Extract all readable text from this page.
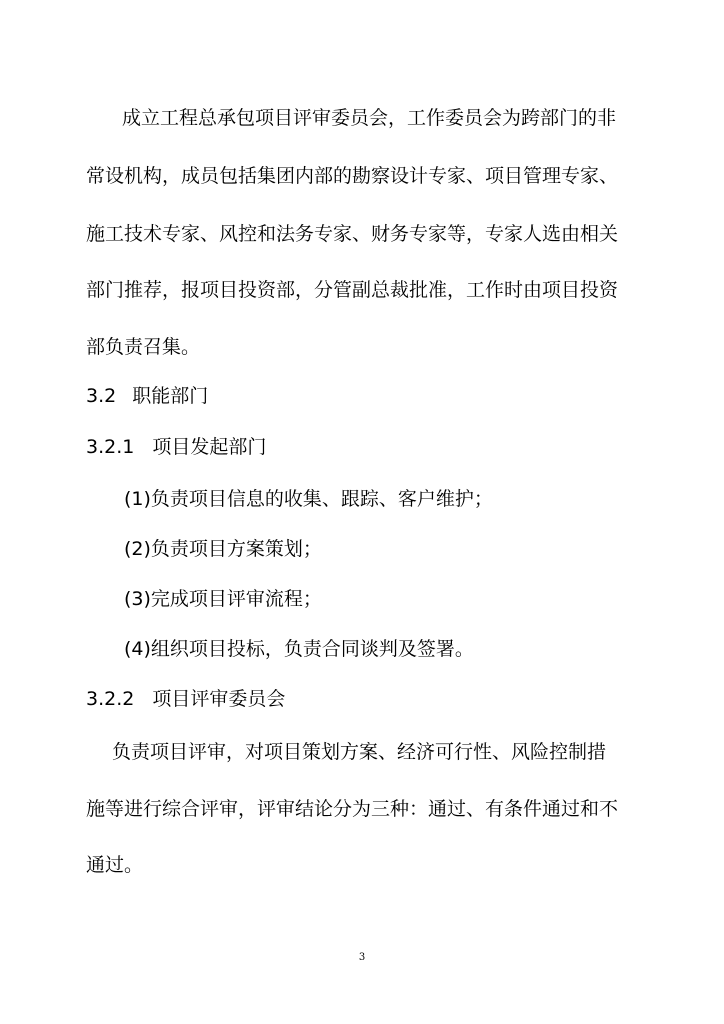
成立工程总承包项目评审委员会，工作委员会为跨部门的非

常设机构，成员包括集团内部的勘察设计专家、项目管理专家、

施工技术专家、风控和法务专家、财务专家等，专家人选由相关

部门推荐，报项目投资部，分管副总裁批准，工作时由项目投资

部负责召集。

3.2 职能部门

3.2.1 项目发起部门

(1)负责项目信息的收集、跟踪、客户维护；

(2)负责项目方案策划；

(3)完成项目评审流程；

(4)组织项目投标，负责合同谈判及签署。

3.2.2 项目评审委员会

负责项目评审，对项目策划方案、经济可行性、风险控制措

施等进行综合评审，评审结论分为三种：通过、有条件通过和不

通过。

3
